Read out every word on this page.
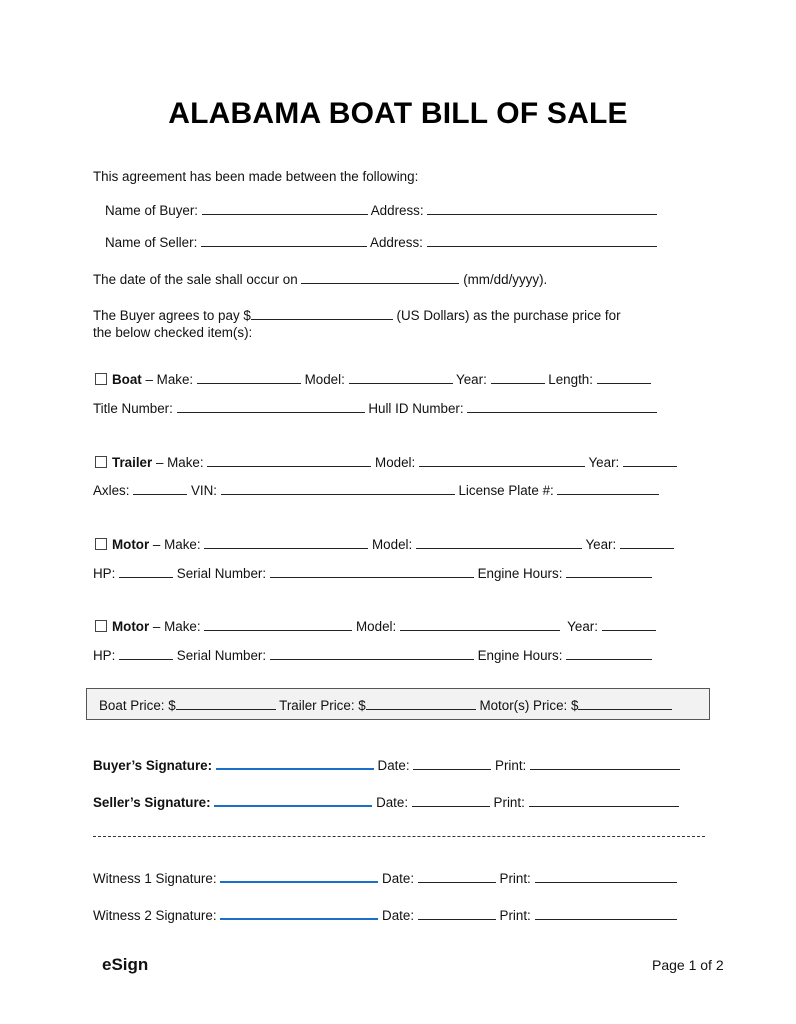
ALABAMA BOAT BILL OF SALE
This agreement has been made between the following:
Name of Buyer:	Address:
Name of Seller:	Address:
The date of the sale shall occur on	(mm/dd/yyyy).
The Buyer agrees to pay $	(US Dollars) as the purchase price for
the below checked item(s):
Boat – Make:	Model:	Year:	Length:
Title Number:	Hull ID Number:
Trailer – Make:	Model:	Year:
Axles:	VIN:	License Plate #:
Motor – Make:	Model:	Year:
HP:	Serial Number:	Engine Hours:
Motor – Make:	Model:	Year:
HP:	Serial Number:	Engine Hours:
Boat Price: $	Trailer Price: $	Motor(s) Price: $
Buyer’s Signature:	Date:	Print:
Seller’s Signature:	Date:	Print:
Witness 1 Signature:	Date:	Print:
Witness 2 Signature:	Date:	Print:
eSign	Page 1 of 2
